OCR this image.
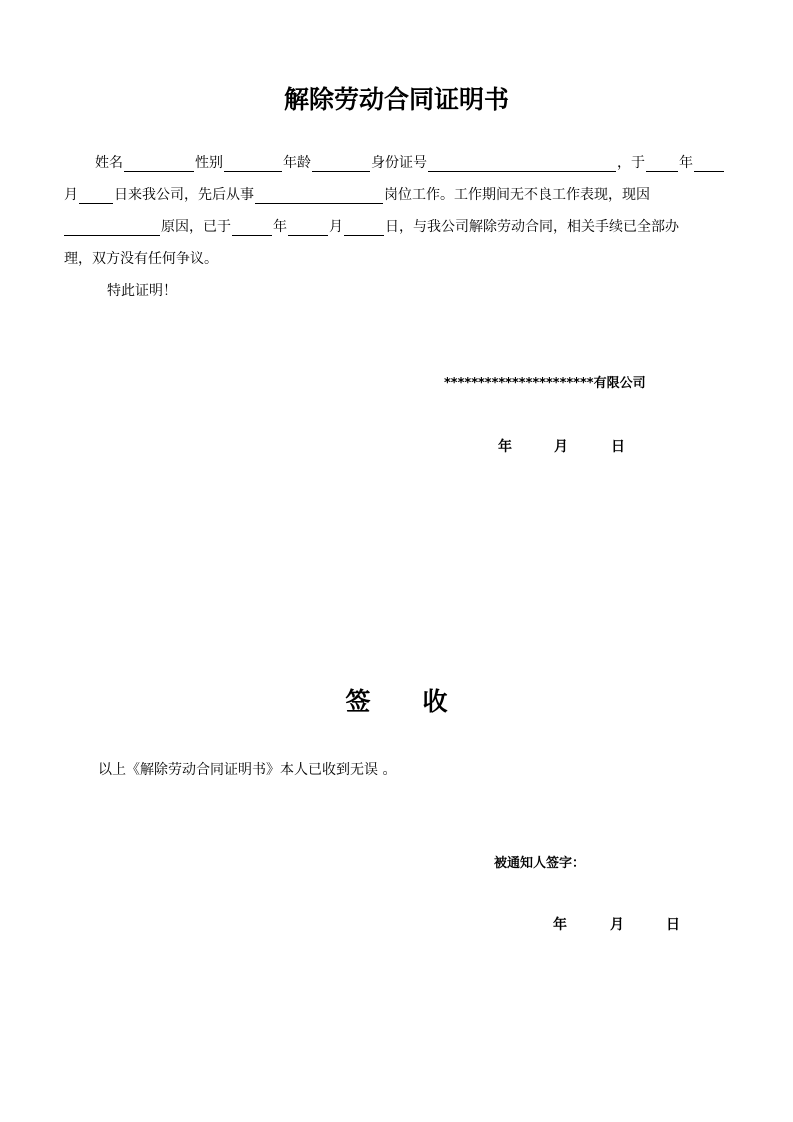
解除劳动合同证明书
姓名	性别	年龄	身份证号	，于 年
月	日来我公司，先后从事	岗位工作。工作期间无不良工作表现，现因
原因，已于	年	月	日，与我公司解除劳动合同，相关手续已全部办
理，双方没有任何争议。
特此证明！
**********************有限公司
年	月	日
签 收
以上《解除劳动合同证明书》本人已收到无误 。
被通知人签字：
年	月	日
